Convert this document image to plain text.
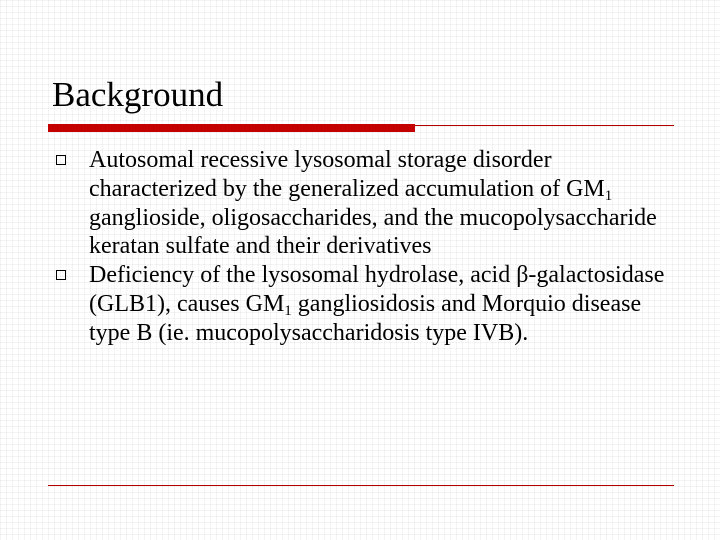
Background
Autosomal recessive lysosomal storage disorder characterized by the generalized accumulation of $GM_1$ ganglioside, oligosaccharides, and the mucopolysaccharide keratan sulfate and their derivatives
Deficiency of the lysosomal hydrolase, acid β-galactosidase (GLB1), causes $GM_1$ gangliosidosis and Morquio disease type B (ie. mucopolysaccharidosis type IVB).
